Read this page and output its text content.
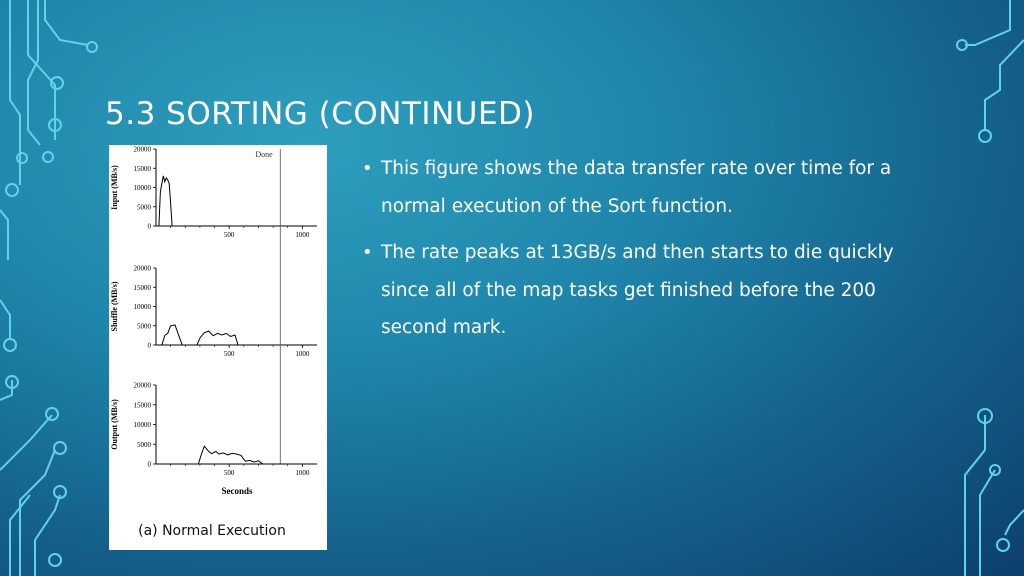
5.3 SORTING (CONTINUED)
20000
15000
10000
5000
0
500	1000
Input (MB/s)
20000
15000
10000
5000
0
500	1000
Shuffle (MB/s)
20000
15000
10000
5000
0
500	1000
Output (MB/s)
Done
Seconds
(a) Normal Execution
• This figure shows the data transfer rate over time for a normal execution of the Sort function.
• The rate peaks at 13GB/s and then starts to die quickly since all of the map tasks get finished before the 200 second mark.
